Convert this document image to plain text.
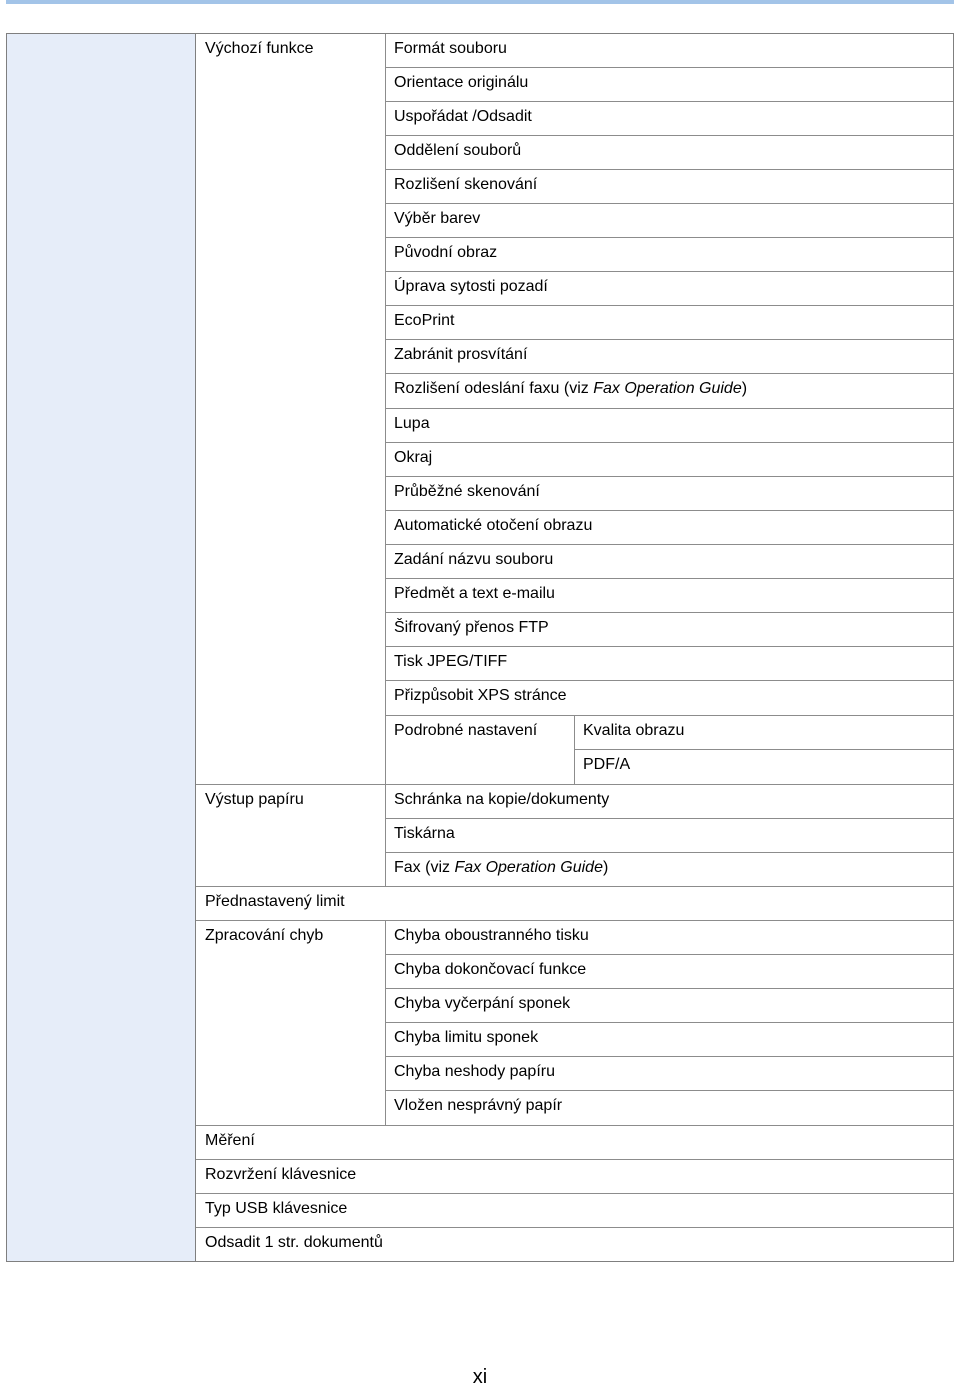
Výchozí funkce
Výstup papíru
Přednastavený limit
Zpracování chyb
Měření
Rozvržení klávesnice
Typ USB klávesnice
Odsadit 1 str. dokumentů
Formát souboru
Orientace originálu
Uspořádat /Odsadit
Oddělení souborů
Rozlišení skenování
Výběr barev
Původní obraz
Úprava sytosti pozadí
EcoPrint
Zabránit prosvítání
Rozlišení odeslání faxu (viz Fax Operation Guide)
Lupa
Okraj
Průběžné skenování
Automatické otočení obrazu
Zadání názvu souboru
Předmět a text e-mailu
Šifrovaný přenos FTP
Tisk JPEG/TIFF
Přizpůsobit XPS stránce
Podrobné nastavení	Kvalita obrazu
PDF/A
Schránka na kopie/dokumenty
Tiskárna
Fax (viz Fax Operation Guide)
Chyba oboustranného tisku
Chyba dokončovací funkce
Chyba vyčerpání sponek
Chyba limitu sponek
Chyba neshody papíru
Vložen nesprávný papír
xi
